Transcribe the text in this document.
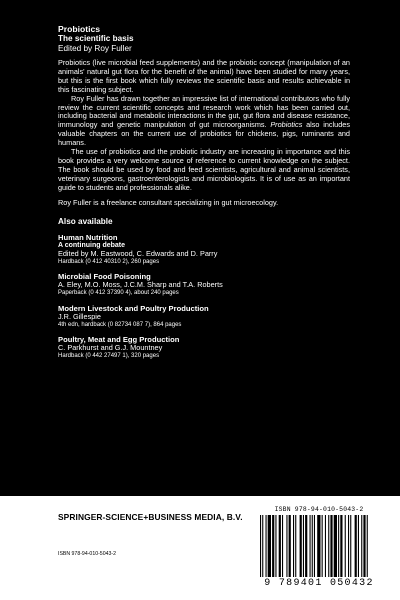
Probiotics
The scientific basis
Edited by Roy Fuller

Probiotics (live microbial feed supplements) and the probiotic concept (manipulation of an animals' natural gut flora for the benefit of the animal) have been studied for many years, but this is the first book which fully reviews the scientific basis and results achievable in this fascinating subject.

Roy Fuller has drawn together an impressive list of international contributors who fully review the current scientific concepts and research work which has been carried out, including bacterial and metabolic interactions in the gut, gut flora and disease resistance, immunology and genetic manipulation of gut microorganisms. Probiotics also includes valuable chapters on the current use of probiotics for chickens, pigs, ruminants and humans.

The use of probiotics and the probiotic industry are increasing in importance and this book provides a very welcome source of reference to current knowledge on the subject. The book should be used by food and feed scientists, agricultural and animal scientists, veterinary surgeons, gastroenterologists and microbiologists. It is of use as an important guide to students and professionals alike.

Roy Fuller is a freelance consultant specializing in gut microecology.

Also available
Human Nutrition
A continuing debate
Edited by M. Eastwood, C. Edwards and D. Parry
Hardback (0 412 40310 2), 260 pages
Microbial Food Poisoning
A. Eley, M.O. Moss, J.C.M. Sharp and T.A. Roberts
Paperback (0 412 37390 4), about 240 pages
Modern Livestock and Poultry Production
J.R. Gillespie
4th edn, hardback (0 82734 087 7), 864 pages
Poultry, Meat and Egg Production
C. Parkhurst and G.J. Mountney
Hardback (0 442 27497 1), 320 pages
SPRINGER-SCIENCE+BUSINESS MEDIA, B.V.
ISBN 978-94-010-5043-2
ISBN 978-94-010-5043-2
9 789401 050432
